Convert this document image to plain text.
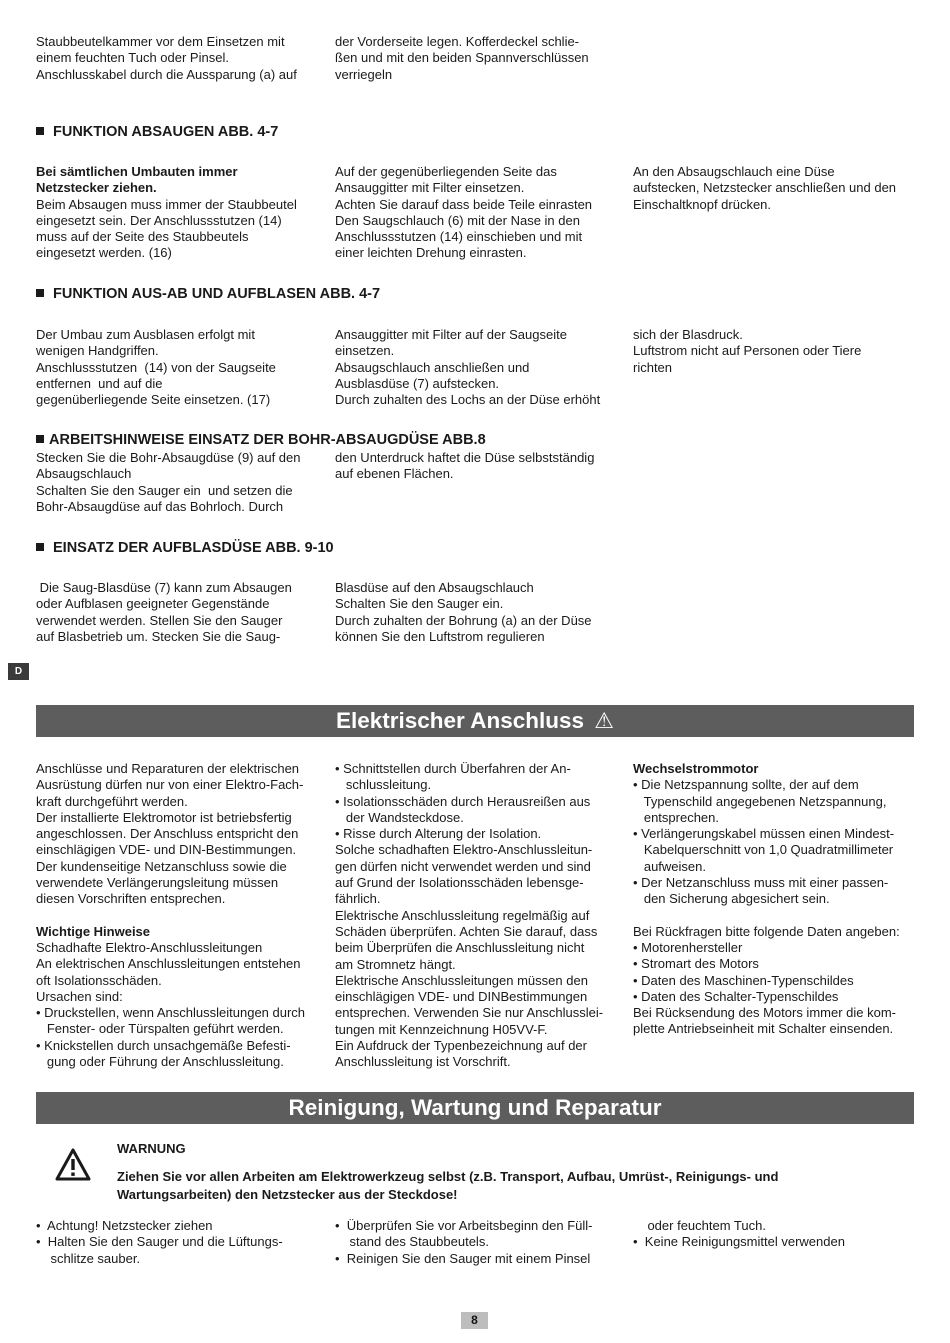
Staubbeutelkammer vor dem Einsetzen mit
einem feuchten Tuch oder Pinsel.
Anschlusskabel durch die Aussparung (a) auf
der Vorderseite legen. Kofferdeckel schlie-
ßen und mit den beiden Spannverschlüssen
verriegeln
FUNKTION ABSAUGEN ABB. 4-7
Bei sämtlichen Umbauten immer
Netzstecker ziehen.
Beim Absaugen muss immer der Staubbeutel
eingesetzt sein. Der Anschlussstutzen (14)
muss auf der Seite des Staubbeutels
eingesetzt werden. (16)
Auf der gegenüberliegenden Seite das
Ansauggitter mit Filter einsetzen.
Achten Sie darauf dass beide Teile einrasten
Den Saugschlauch (6) mit der Nase in den
Anschlussstutzen (14) einschieben und mit
einer leichten Drehung einrasten.
An den Absaugschlauch eine Düse
aufstecken, Netzstecker anschließen und den
Einschaltknopf drücken.
FUNKTION AUS-AB UND AUFBLASEN ABB. 4-7
Der Umbau zum Ausblasen erfolgt mit
wenigen Handgriffen.
Anschlussstutzen  (14) von der Saugseite
entfernen  und auf die
gegenüberliegende Seite einsetzen. (17)
Ansauggitter mit Filter auf der Saugseite
einsetzen.
Absaugschlauch anschließen und
Ausblasdüse (7) aufstecken.
Durch zuhalten des Lochs an der Düse erhöht
sich der Blasdruck.
Luftstrom nicht auf Personen oder Tiere
richten
ARBEITSHINWEISE EINSATZ DER BOHR-ABSAUGDÜSE ABB.8
Stecken Sie die Bohr-Absaugdüse (9) auf den
Absaugschlauch
Schalten Sie den Sauger ein  und setzen die
Bohr-Absaugdüse auf das Bohrloch. Durch
den Unterdruck haftet die Düse selbstständig
auf ebenen Flächen.
EINSATZ DER AUFBLASDÜSE ABB. 9-10
Die Saug-Blasdüse (7) kann zum Absaugen
oder Aufblasen geeigneter Gegenstände
verwendet werden. Stellen Sie den Sauger
auf Blasbetrieb um. Stecken Sie die Saug-
Blasdüse auf den Absaugschlauch
Schalten Sie den Sauger ein.
Durch zuhalten der Bohrung (a) an der Düse
können Sie den Luftstrom regulieren
D
Elektrischer Anschluss ⚠
Anschlüsse und Reparaturen der elektrischen
Ausrüstung dürfen nur von einer Elektro-Fach-
kraft durchgeführt werden.
Der installierte Elektromotor ist betriebsfertig
angeschlossen. Der Anschluss entspricht den
einschlägigen VDE- und DIN-Bestimmungen.
Der kundenseitige Netzanschluss sowie die
verwendete Verlängerungsleitung müssen
diesen Vorschriften entsprechen.
Wichtige Hinweise
Schadhafte Elektro-Anschlussleitungen
An elektrischen Anschlussleitungen entstehen
oft Isolationsschäden.
Ursachen sind:
• Druckstellen, wenn Anschlussleitungen durch
Fenster- oder Türspalten geführt werden.
• Knickstellen durch unsachgemäße Befesti-
gung oder Führung der Anschlussleitung.
• Schnittstellen durch Überfahren der An-
schlussleitung.
• Isolationsschäden durch Herausreißen aus
der Wandsteckdose.
• Risse durch Alterung der Isolation.
Solche schadhaften Elektro-Anschlussleitun-
gen dürfen nicht verwendet werden und sind
auf Grund der Isolationsschäden lebensge-
fährlich.
Elektrische Anschlussleitung regelmäßig auf
Schäden überprüfen. Achten Sie darauf, dass
beim Überprüfen die Anschlussleitung nicht
am Stromnetz hängt.
Elektrische Anschlussleitungen müssen den
einschlägigen VDE- und DINBestimmungen
entsprechen. Verwenden Sie nur Anschlusslei-
tungen mit Kennzeichnung H05VV-F.
Ein Aufdruck der Typenbezeichnung auf der
Anschlussleitung ist Vorschrift.
Wechselstrommotor
• Die Netzspannung sollte, der auf dem
Typenschild angegebenen Netzspannung,
entsprechen.
• Verlängerungskabel müssen einen Mindest-
Kabelquerschnitt von 1,0 Quadratmillimeter
aufweisen.
• Der Netzanschluss muss mit einer passen-
den Sicherung abgesichert sein.
Bei Rückfragen bitte folgende Daten angeben:
• Motorenhersteller
• Stromart des Motors
• Daten des Maschinen-Typenschildes
• Daten des Schalter-Typenschildes
Bei Rücksendung des Motors immer die kom-
plette Antriebseinheit mit Schalter einsenden.
Reinigung, Wartung und Reparatur
WARNUNG
Ziehen Sie vor allen Arbeiten am Elektrowerkzeug selbst (z.B. Transport, Aufbau, Umrüst-, Reinigungs- und
Wartungsarbeiten) den Netzstecker aus der Steckdose!
•  Achtung! Netzstecker ziehen
•  Halten Sie den Sauger und die Lüftungs-
schlitze sauber.
•  Überprüfen Sie vor Arbeitsbeginn den Füll-
stand des Staubbeutels.
•  Reinigen Sie den Sauger mit einem Pinsel
oder feuchtem Tuch.
•  Keine Reinigungsmittel verwenden
8
